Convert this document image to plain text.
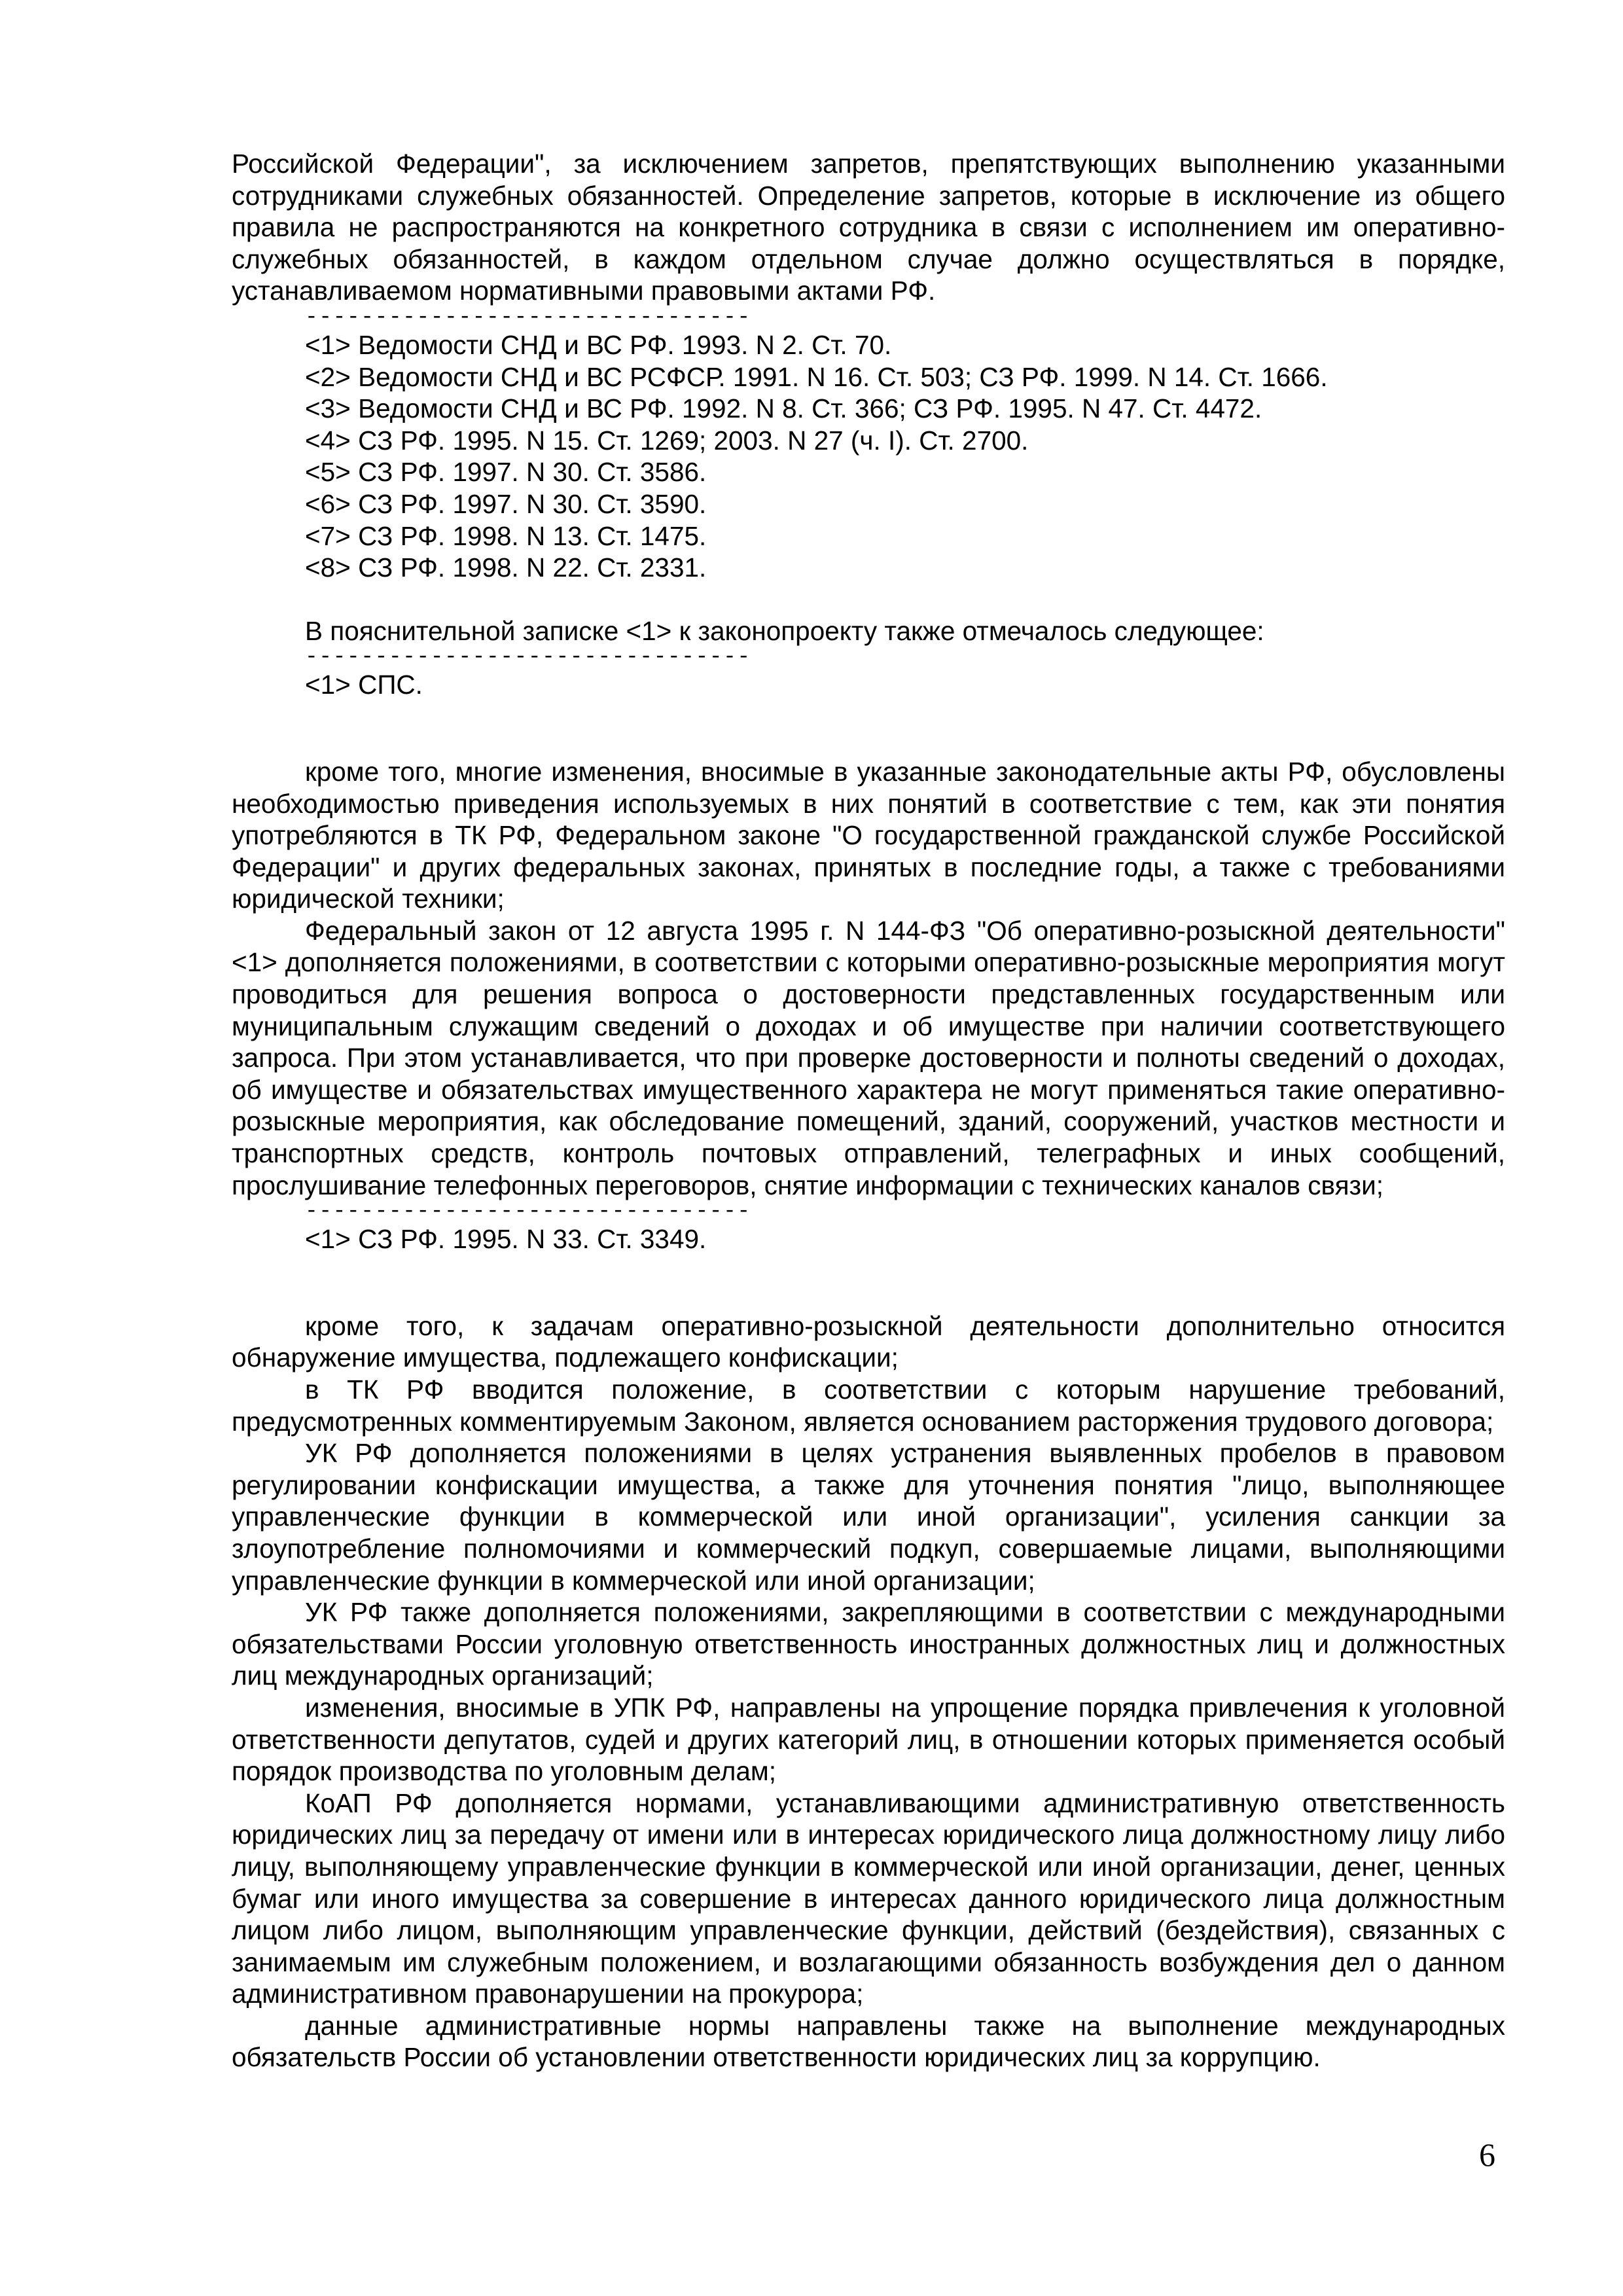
Российской Федерации", за исключением запретов, препятствующих выполнению указанными сотрудниками служебных обязанностей. Определение запретов, которые в исключение из общего правила не распространяются на конкретного сотрудника в связи с исполнением им оперативно-служебных обязанностей, в каждом отдельном случае должно осуществляться в порядке, устанавливаемом нормативными правовыми актами РФ.

--------------------------------

<1> Ведомости СНД и ВС РФ. 1993. N 2. Ст. 70.

<2> Ведомости СНД и ВС РСФСР. 1991. N 16. Ст. 503; СЗ РФ. 1999. N 14. Ст. 1666.

<3> Ведомости СНД и ВС РФ. 1992. N 8. Ст. 366; СЗ РФ. 1995. N 47. Ст. 4472.

<4> СЗ РФ. 1995. N 15. Ст. 1269; 2003. N 27 (ч. I). Ст. 2700.

<5> СЗ РФ. 1997. N 30. Ст. 3586.

<6> СЗ РФ. 1997. N 30. Ст. 3590.

<7> СЗ РФ. 1998. N 13. Ст. 1475.

<8> СЗ РФ. 1998. N 22. Ст. 2331.

В пояснительной записке <1> к законопроекту также отмечалось следующее:

--------------------------------

<1> СПС.

кроме того, многие изменения, вносимые в указанные законодательные акты РФ, обусловлены необходимостью приведения используемых в них понятий в соответствие с тем, как эти понятия употребляются в ТК РФ, Федеральном законе "О государственной гражданской службе Российской Федерации" и других федеральных законах, принятых в последние годы, а также с требованиями юридической техники;

Федеральный закон от 12 августа 1995 г. N 144-ФЗ "Об оперативно-розыскной деятельности" <1> дополняется положениями, в соответствии с которыми оперативно-розыскные мероприятия могут проводиться для решения вопроса о достоверности представленных государственным или муниципальным служащим сведений о доходах и об имуществе при наличии соответствующего запроса. При этом устанавливается, что при проверке достоверности и полноты сведений о доходах, об имуществе и обязательствах имущественного характера не могут применяться такие оперативно-розыскные мероприятия, как обследование помещений, зданий, сооружений, участков местности и транспортных средств, контроль почтовых отправлений, телеграфных и иных сообщений, прослушивание телефонных переговоров, снятие информации с технических каналов связи;

--------------------------------

<1> СЗ РФ. 1995. N 33. Ст. 3349.

кроме того, к задачам оперативно-розыскной деятельности дополнительно относится обнаружение имущества, подлежащего конфискации;

в ТК РФ вводится положение, в соответствии с которым нарушение требований, предусмотренных комментируемым Законом, является основанием расторжения трудового договора;

УК РФ дополняется положениями в целях устранения выявленных пробелов в правовом регулировании конфискации имущества, а также для уточнения понятия "лицо, выполняющее управленческие функции в коммерческой или иной организации", усиления санкции за злоупотребление полномочиями и коммерческий подкуп, совершаемые лицами, выполняющими управленческие функции в коммерческой или иной организации;

УК РФ также дополняется положениями, закрепляющими в соответствии с международными обязательствами России уголовную ответственность иностранных должностных лиц и должностных лиц международных организаций;

изменения, вносимые в УПК РФ, направлены на упрощение порядка привлечения к уголовной ответственности депутатов, судей и других категорий лиц, в отношении которых применяется особый порядок производства по уголовным делам;

КоАП РФ дополняется нормами, устанавливающими административную ответственность юридических лиц за передачу от имени или в интересах юридического лица должностному лицу либо лицу, выполняющему управленческие функции в коммерческой или иной организации, денег, ценных бумаг или иного имущества за совершение в интересах данного юридического лица должностным лицом либо лицом, выполняющим управленческие функции, действий (бездействия), связанных с занимаемым им служебным положением, и возлагающими обязанность возбуждения дел о данном административном правонарушении на прокурора;

данные административные нормы направлены также на выполнение международных обязательств России об установлении ответственности юридических лиц за коррупцию.

6
